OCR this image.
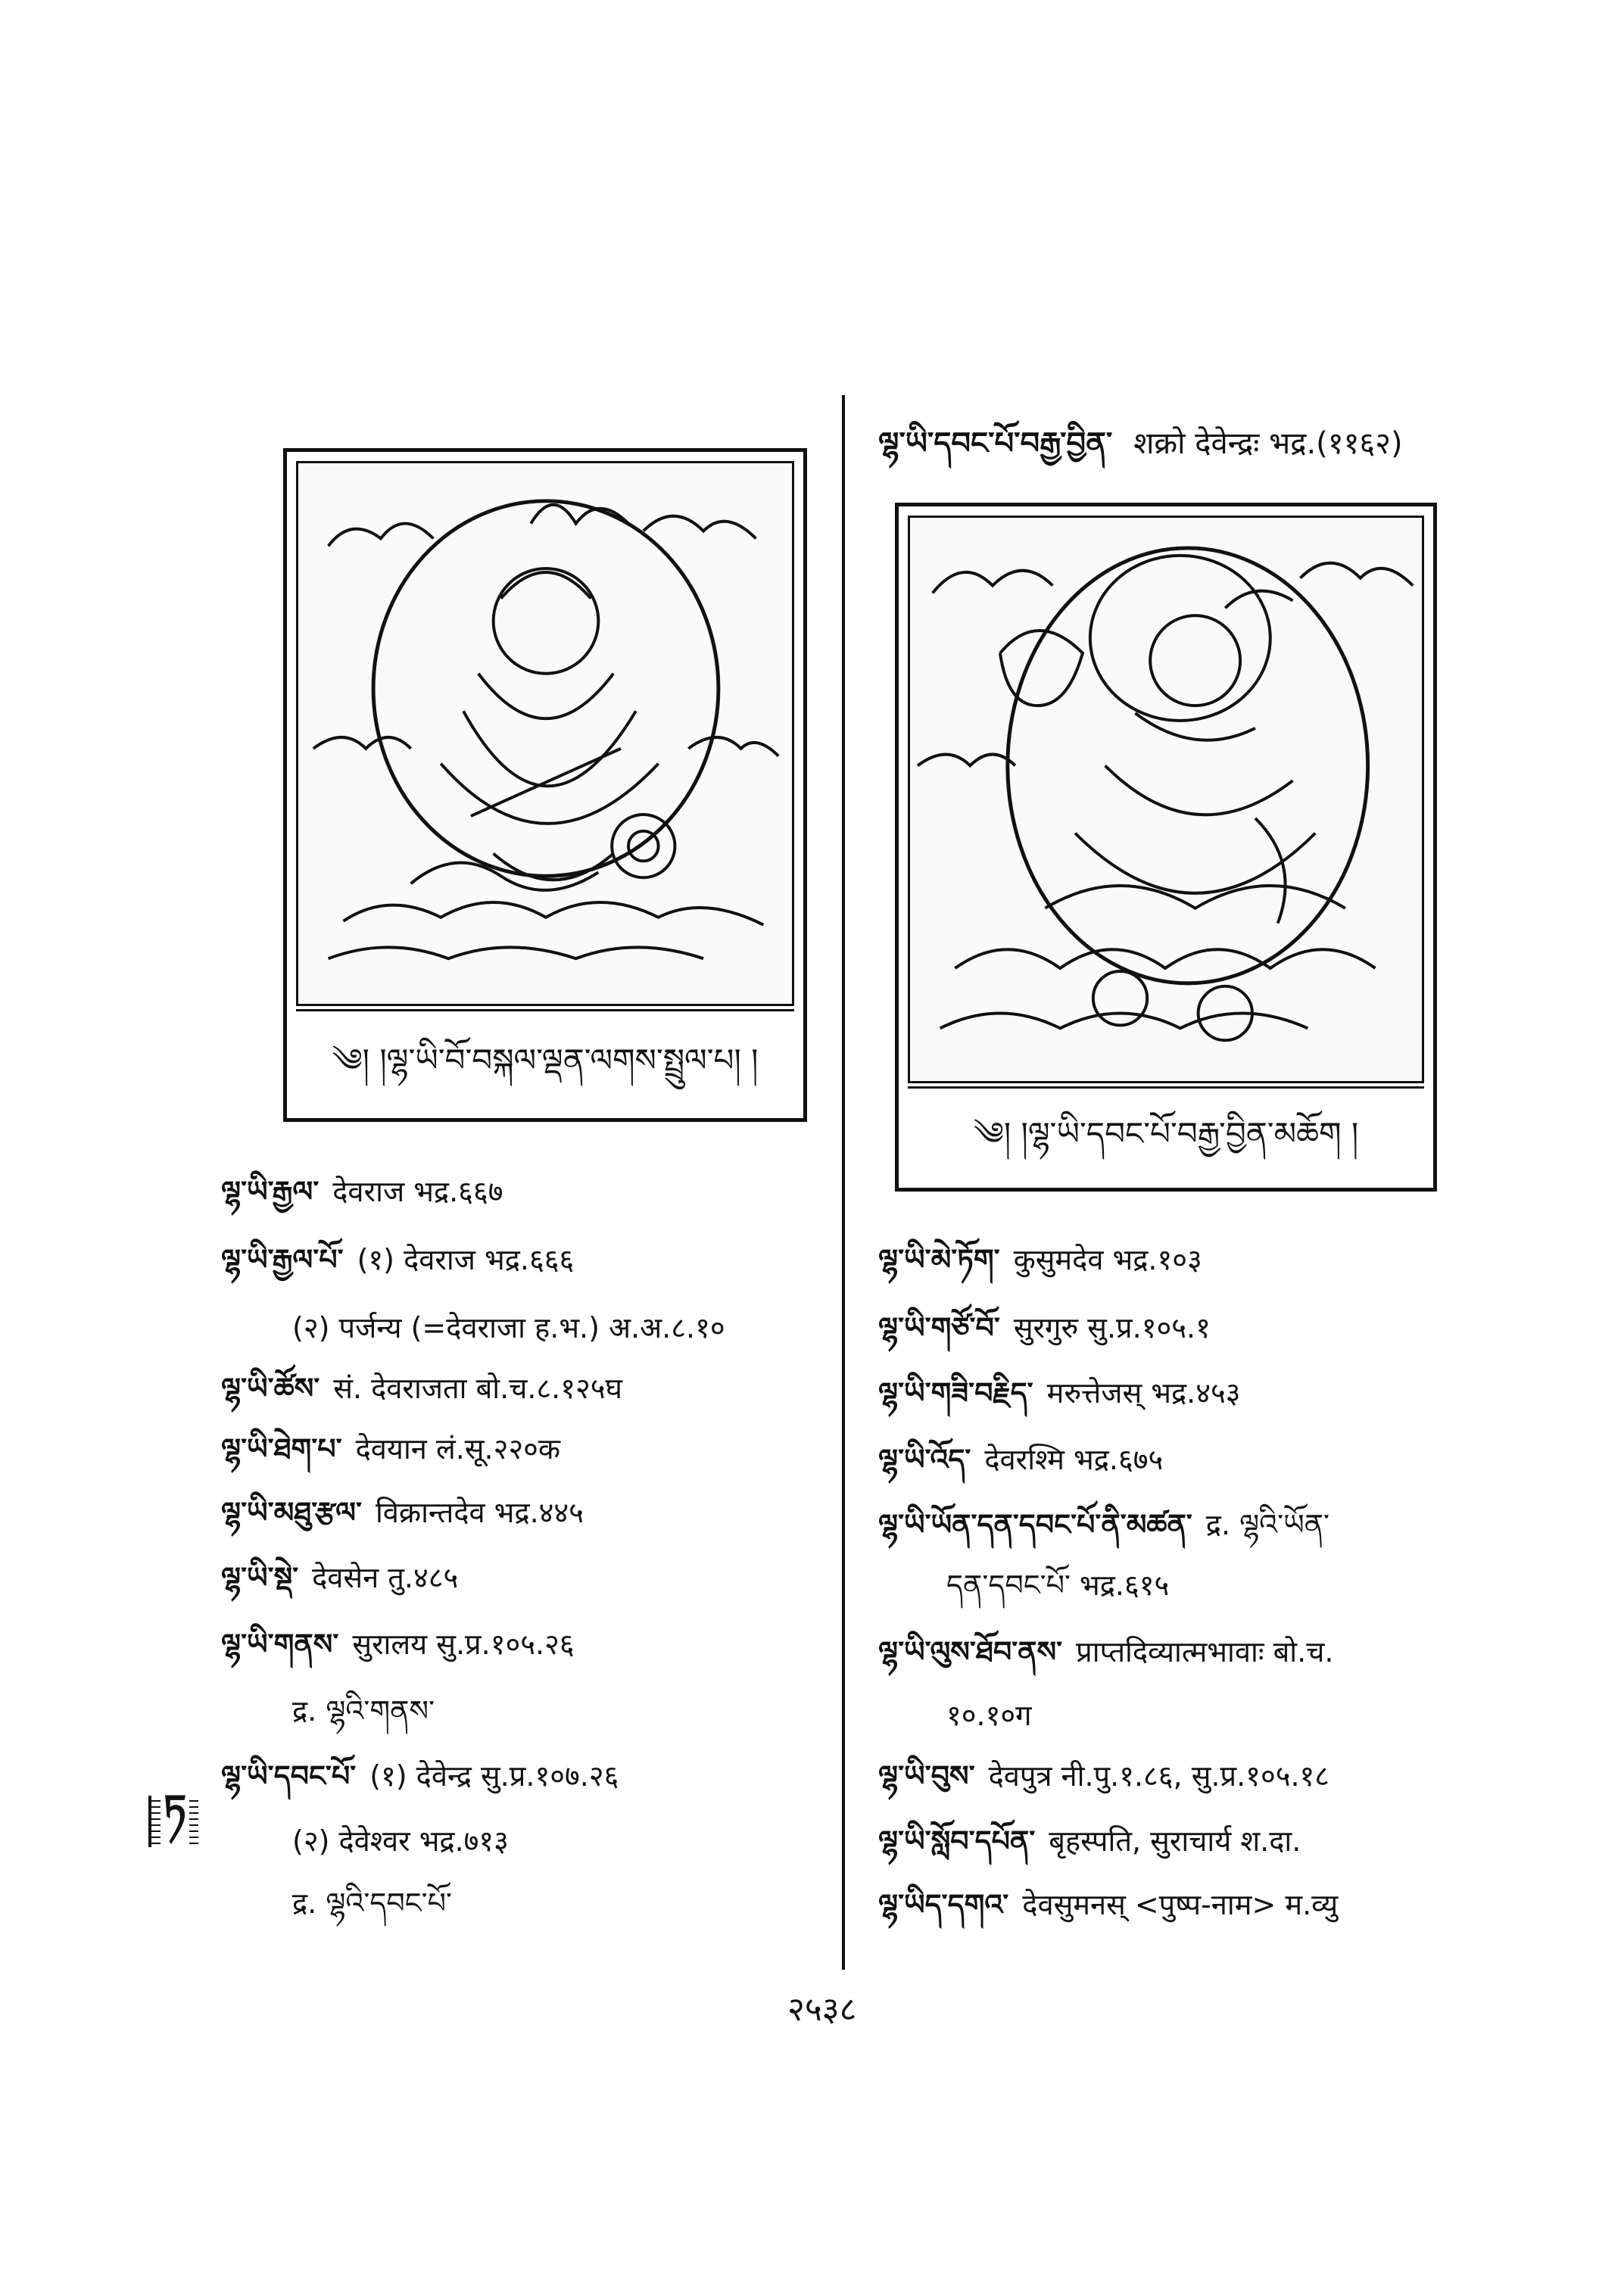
ལྷ་ཡི་དབང་པོ་བརྒྱ་བྱིན་ शक्रो देवेन्द्रः भद्र.(११६२)
༄། །ལྷ་ཡི་བོ་བསྐལ་ལྡན་ལགས་སྤྲུལ་པ། །
༄། །ལྷ་ཡི་དབང་པོ་བརྒྱ་བྱིན་མཆོག །
ལྷ་ཡི་རྒྱལ་ देवराज भद्र.६६७
ལྷ་ཡི་རྒྱལ་པོ་ (१) देवराज भद्र.६६६
(२) पर्जन्य (=देवराजा ह.भ.) अ.अ.८.१०
ལྷ་ཡི་ཚོས་ सं. देवराजता बो.च.८.१२५घ
ལྷ་ཡི་ཐེག་པ་ देवयान लं.सू.२२०क
ལྷ་ཡི་མཐུ་རྩལ་ विक्रान्तदेव भद्र.४४५
ལྷ་ཡི་སྡེ་ देवसेन तु.४८५
ལྷ་ཡི་གནས་ सुरालय सु.प्र.१०५.२६
द्र. ལྷའི་གནས་
ལྷ་ཡི་དབང་པོ་ (१) देवेन्द्र सु.प्र.१०७.२६
(२) देवेश्वर भद्र.७१३
द्र. ལྷའི་དབང་པོ་
ལྷ་ཡི་མེ་ཏོག་ कुसुमदेव भद्र.१०३
ལྷ་ཡི་གཙོ་བོ་ सुरगुरु सु.प्र.१०५.१
ལྷ་ཡི་གཟི་བརྗིད་ मरुत्तेजस् भद्र.४५३
ལྷ་ཡི་འོད་ देवरश्मि भद्र.६७५
ལྷ་ཡི་ཡོན་དན་དབང་པོ་ནི་མཚན་ द्र. ལྷའི་ཡོན་
དན་དབང་པོ་ भद्र.६१५
ལྷ་ཡི་ལུས་ཐོབ་ནས་ प्राप्तदिव्यात्मभावाः बो.च.
१०.१०ग
ལྷ་ཡི་བུས་ देवपुत्र नी.पु.१.८६, सु.प्र.१०५.१८
ལྷ་ཡི་སློབ་དཔོན་ बृहस्पति, सुराचार्य श.दा.
ལྷ་ཡིད་དགའ་ देवसुमनस् <पुष्प-नाम> म.व्यु
ཏ
२५३८
